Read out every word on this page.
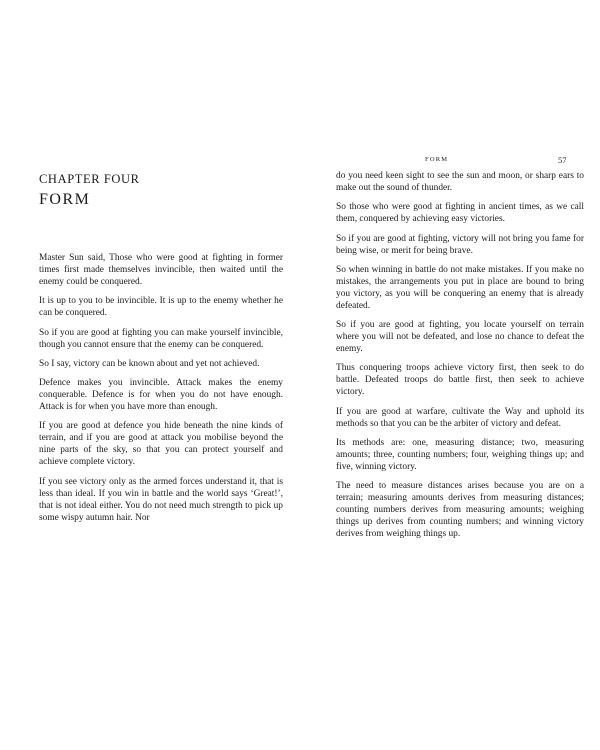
CHAPTER FOUR
FORM

Master Sun said, Those who were good at fighting in former times first made themselves invincible, then waited until the enemy could be conquered.

It is up to you to be invincible. It is up to the enemy whether he can be conquered.

So if you are good at fighting you can make yourself invincible, though you cannot ensure that the enemy can be conquered.

So I say, victory can be known about and yet not achieved.

Defence makes you invincible. Attack makes the enemy conquerable. Defence is for when you do not have enough. Attack is for when you have more than enough.

If you are good at defence you hide beneath the nine kinds of terrain, and if you are good at attack you mobilise beyond the nine parts of the sky, so that you can protect yourself and achieve complete victory.

If you see victory only as the armed forces understand it, that is less than ideal. If you win in battle and the world says ‘Great!’, that is not ideal either. You do not need much strength to pick up some wispy autumn hair. Nor

FORM	57

do you need keen sight to see the sun and moon, or sharp ears to make out the sound of thunder.

So those who were good at fighting in ancient times, as we call them, conquered by achieving easy victories.

So if you are good at fighting, victory will not bring you fame for being wise, or merit for being brave.

So when winning in battle do not make mistakes. If you make no mistakes, the arrangements you put in place are bound to bring you victory, as you will be conquering an enemy that is already defeated.

So if you are good at fighting, you locate yourself on terrain where you will not be defeated, and lose no chance to defeat the enemy.

Thus conquering troops achieve victory first, then seek to do battle. Defeated troops do battle first, then seek to achieve victory.

If you are good at warfare, cultivate the Way and uphold its methods so that you can be the arbiter of victory and defeat.

Its methods are: one, measuring distance; two, measuring amounts; three, counting numbers; four, weighing things up; and five, winning victory.

The need to measure distances arises because you are on a terrain; measuring amounts derives from measuring distances; counting numbers derives from measuring amounts; weighing things up derives from counting numbers; and winning victory derives from weighing things up.
